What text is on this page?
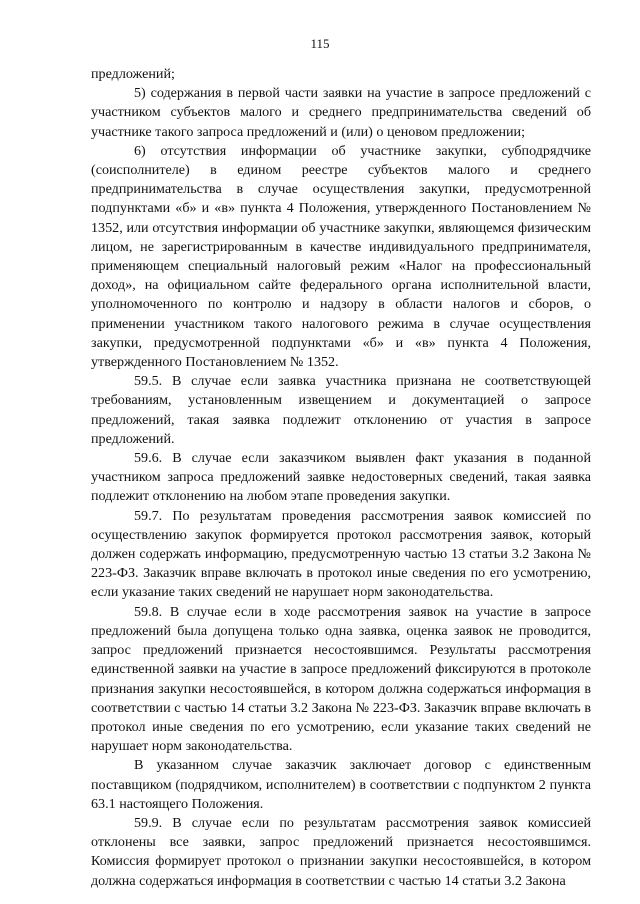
115

предложений;

5) содержания в первой части заявки на участие в запросе предложений с участником субъектов малого и среднего предпринимательства сведений об участнике такого запроса предложений и (или) о ценовом предложении;

6) отсутствия информации об участнике закупки, субподрядчике (соисполнителе) в едином реестре субъектов малого и среднего предпринимательства в случае осуществления закупки, предусмотренной подпунктами «б» и «в» пункта 4 Положения, утвержденного Постановлением № 1352, или отсутствия информации об участнике закупки, являющемся физическим лицом, не зарегистрированным в качестве индивидуального предпринимателя, применяющем специальный налоговый режим «Налог на профессиональный доход», на официальном сайте федерального органа исполнительной власти, уполномоченного по контролю и надзору в области налогов и сборов, о применении участником такого налогового режима в случае осуществления закупки, предусмотренной подпунктами «б» и «в» пункта 4 Положения, утвержденного Постановлением № 1352.

59.5. В случае если заявка участника признана не соответствующей требованиям, установленным извещением и документацией о запросе предложений, такая заявка подлежит отклонению от участия в запросе предложений.

59.6. В случае если заказчиком выявлен факт указания в поданной участником запроса предложений заявке недостоверных сведений, такая заявка подлежит отклонению на любом этапе проведения закупки.

59.7. По результатам проведения рассмотрения заявок комиссией по осуществлению закупок формируется протокол рассмотрения заявок, который должен содержать информацию, предусмотренную частью 13 статьи 3.2 Закона № 223-ФЗ. Заказчик вправе включать в протокол иные сведения по его усмотрению, если указание таких сведений не нарушает норм законодательства.

59.8. В случае если в ходе рассмотрения заявок на участие в запросе предложений была допущена только одна заявка, оценка заявок не проводится, запрос предложений признается несостоявшимся. Результаты рассмотрения единственной заявки на участие в запросе предложений фиксируются в протоколе признания закупки несостоявшейся, в котором должна содержаться информация в соответствии с частью 14 статьи 3.2 Закона № 223-ФЗ. Заказчик вправе включать в протокол иные сведения по его усмотрению, если указание таких сведений не нарушает норм законодательства.

В указанном случае заказчик заключает договор с единственным поставщиком (подрядчиком, исполнителем) в соответствии с подпунктом 2 пункта 63.1 настоящего Положения.

59.9. В случае если по результатам рассмотрения заявок комиссией отклонены все заявки, запрос предложений признается несостоявшимся. Комиссия формирует протокол о признании закупки несостоявшейся, в котором должна содержаться информация в соответствии с частью 14 статьи 3.2 Закона
